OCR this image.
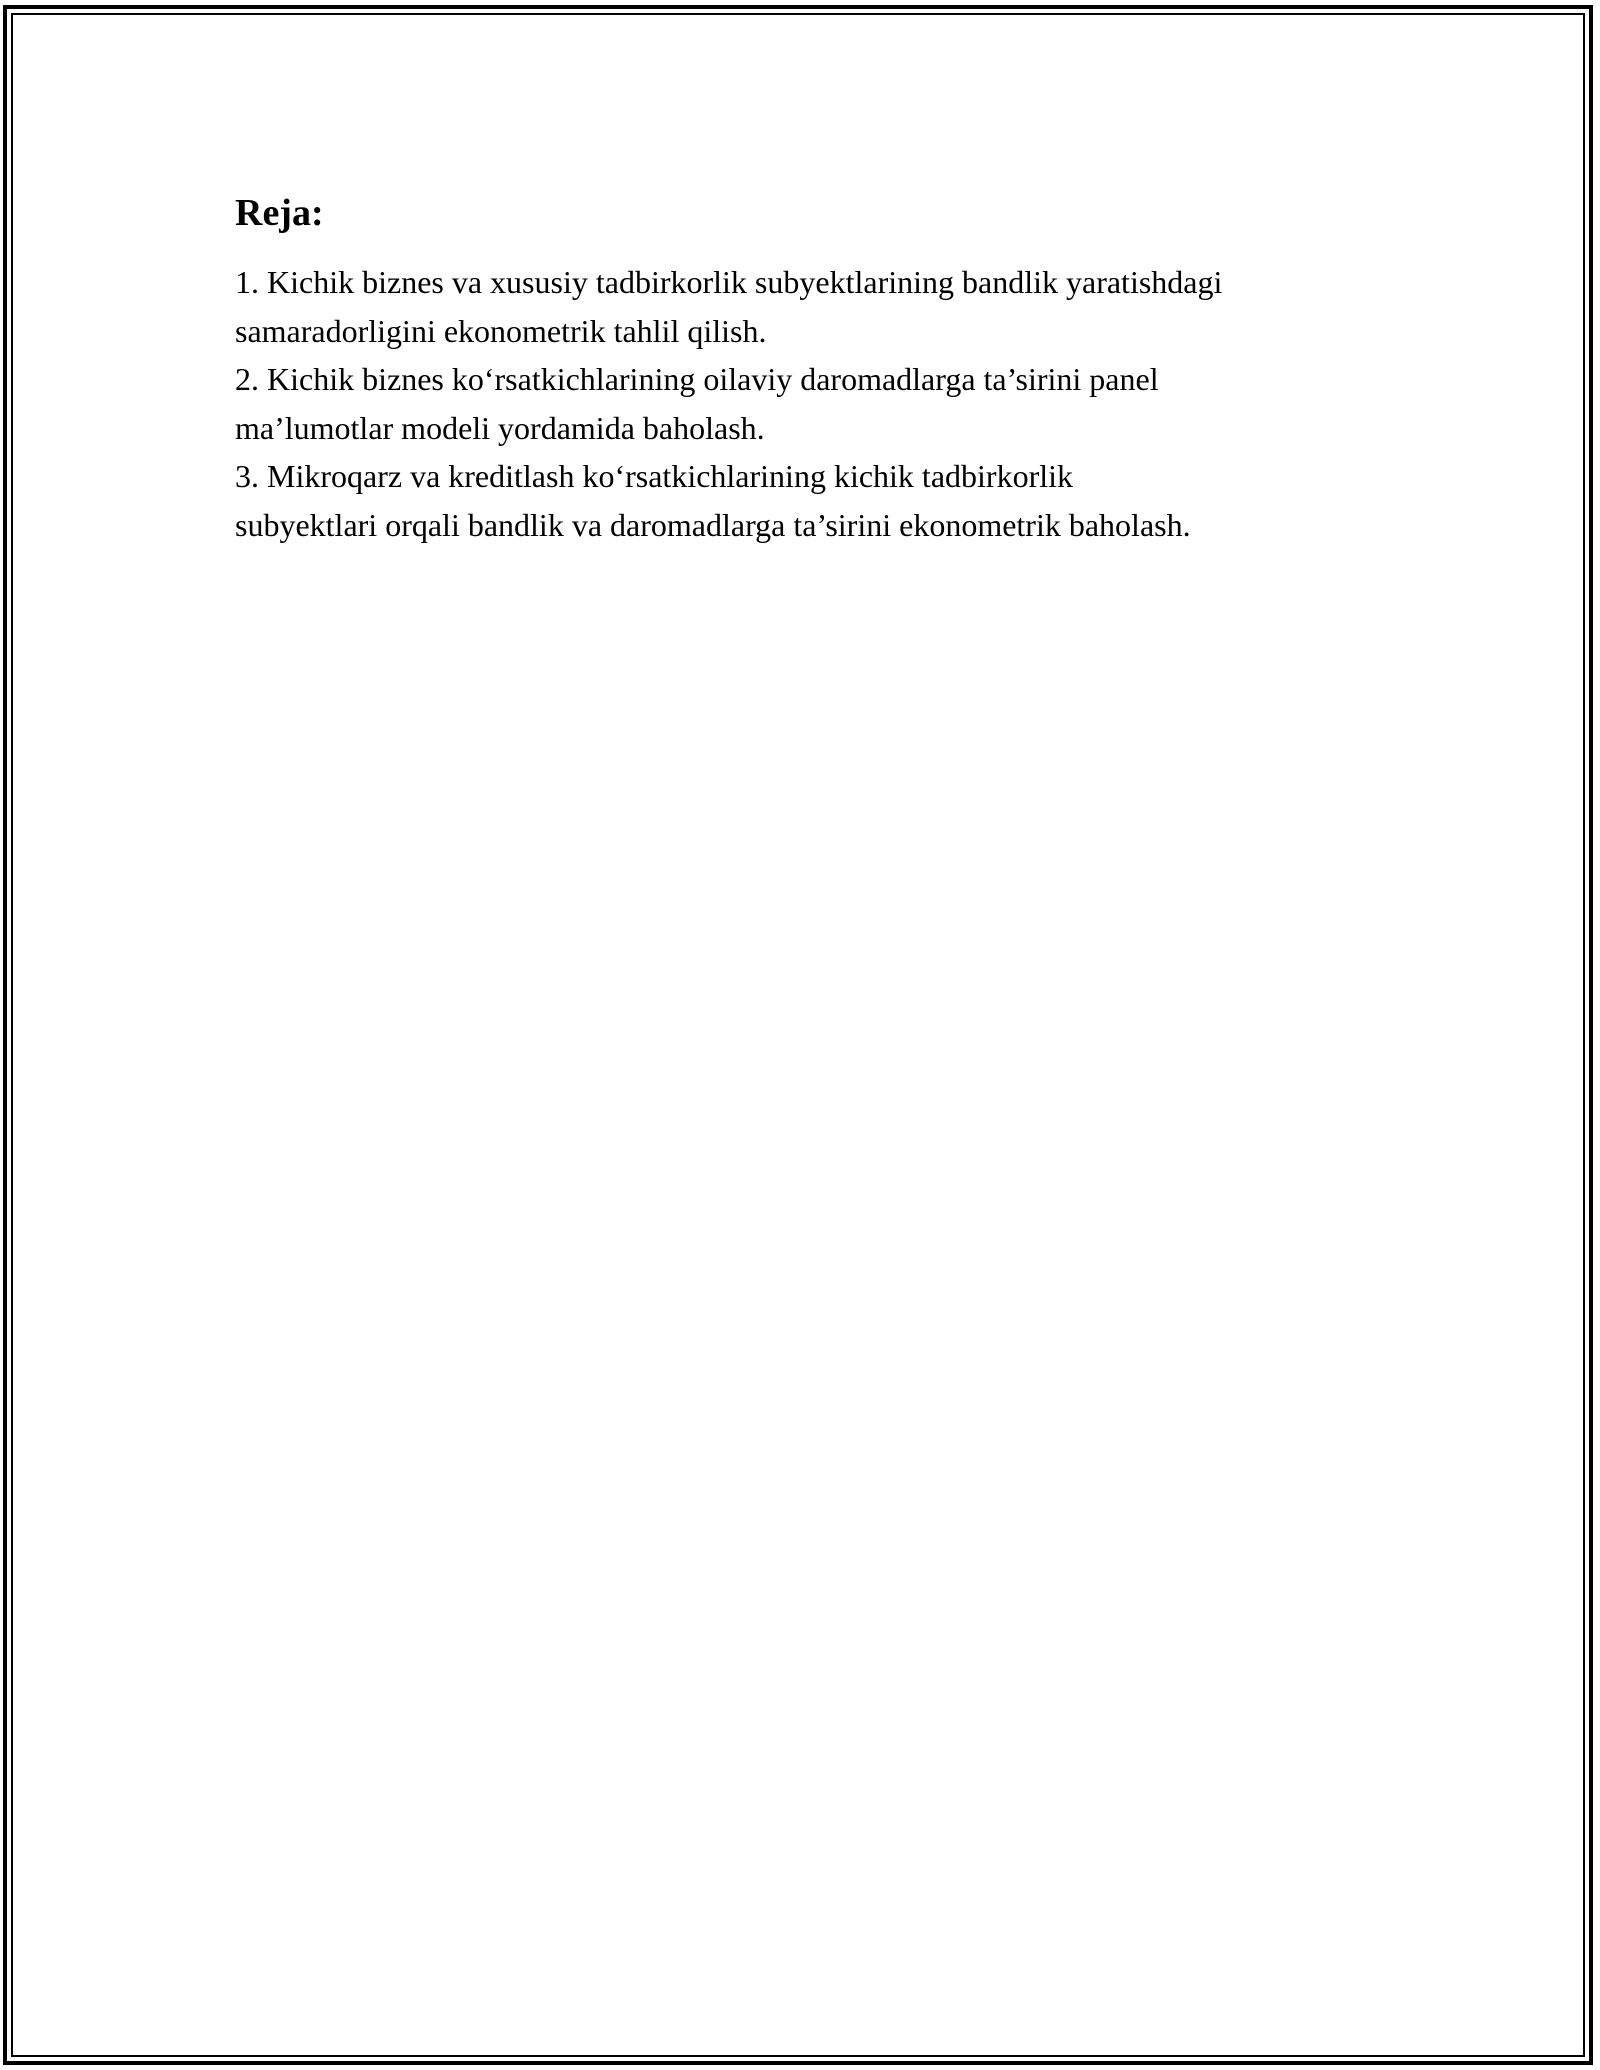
Reja:
1. Kichik biznes va xususiy tadbirkorlik subyektlarining bandlik yaratishdagi
samaradorligini ekonometrik tahlil qilish.
2. Kichik biznes ko‘rsatkichlarining oilaviy daromadlarga ta’sirini panel
ma’lumotlar modeli yordamida baholash.
3. Mikroqarz va kreditlash ko‘rsatkichlarining kichik tadbirkorlik
subyektlari orqali bandlik va daromadlarga ta’sirini ekonometrik baholash.
